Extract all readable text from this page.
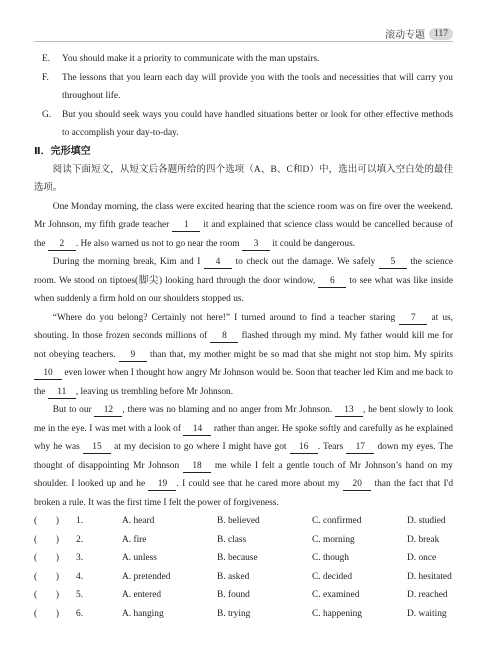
滚动专题 117
E.	You should make it a priority to communicate with the man upstairs.
F.	The lessons that you learn each day will provide you with the tools and necessities that will carry you throughout life.
G.	But you should seek ways you could have handled situations better or look for other effective methods to accomplish your day-to-day.
Ⅱ．完形填空

阅读下面短文，从短文后各题所给的四个选项（A、B、C和D）中，选出可以填入空白处的最佳选项。

One Monday morning, the class were excited hearing that the science room was on fire over the weekend. Mr Johnson, my fifth grade teacher 1 it and explained that science class would be cancelled because of the 2 . He also warned us not to go near the room 3 it could be dangerous.

During the morning break, Kim and I 4 to check out the damage. We safely 5 the science room. We stood on tiptoes(脚尖) looking hard through the door window, 6 to see what was like inside when suddenly a firm hold on our shoulders stopped us.

“Where do you belong? Certainly not here!” I turned around to find a teacher staring 7 at us, shouting. In those frozen seconds millions of 8 flashed through my mind. My father would kill me for not obeying teachers. 9 than that, my mother might be so mad that she might not stop him. My spirits 10 even lower when I thought how angry Mr Johnson would be. Soon that teacher led Kim and me back to the 11 , leaving us trembling before Mr Johnson.

But to our 12 , there was no blaming and no anger from Mr Johnson. 13 , he bent slowly to look me in the eye. I was met with a look of 14 rather than anger. He spoke softly and carefully as he explained why he was 15 at my decision to go where I might have got 16 . Tears 17 down my eyes. The thought of disappointing Mr Johnson 18 me while I felt a gentle touch of Mr Johnson’s hand on my shoulder. I looked up and he 19 . I could see that he cared more about my 20 than the fact that I'd broken a rule. It was the first time I felt the power of forgiveness.

(　　)	1.	A. heard	B. believed	C. confirmed	D. studied
(　　)	2.	A. fire	B. class	C. morning	D. break
(　　)	3.	A. unless	B. because	C. though	D. once
(　　)	4.	A. pretended	B. asked	C. decided	D. hesitated
(　　)	5.	A. entered	B. found	C. examined	D. reached
(　　)	6.	A. hanging	B. trying	C. happening	D. waiting
